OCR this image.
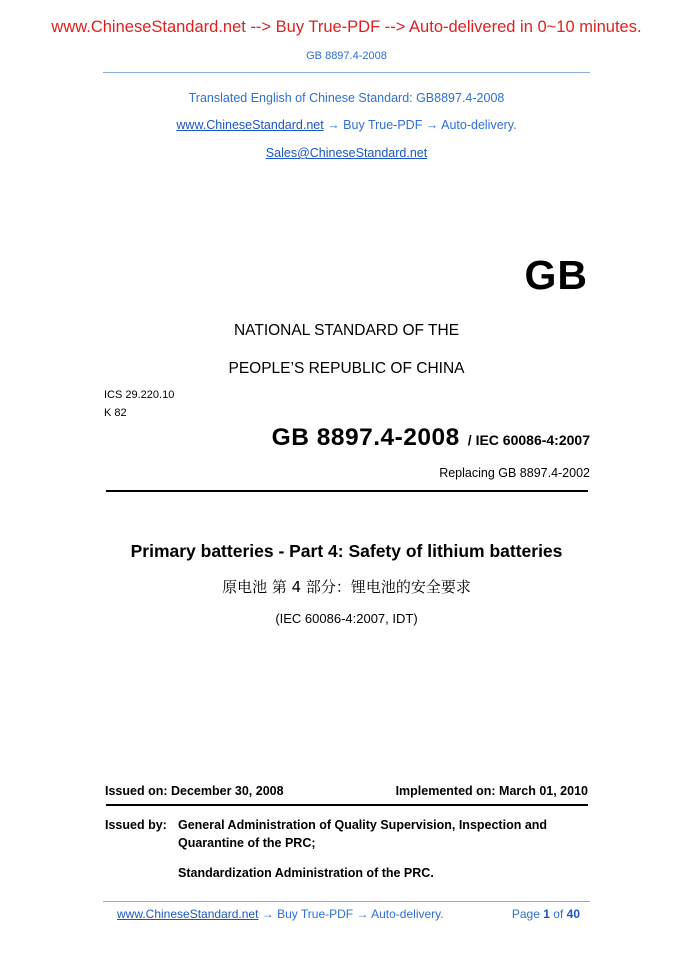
www.ChineseStandard.net --> Buy True-PDF --> Auto-delivered in 0~10 minutes.
GB 8897.4-2008
Translated English of Chinese Standard: GB8897.4-2008
www.ChineseStandard.net → Buy True-PDF → Auto-delivery.
Sales@ChineseStandard.net
GB
NATIONAL STANDARD OF THE
PEOPLE’S REPUBLIC OF CHINA
ICS 29.220.10
K 82
GB 8897.4-2008 / IEC 60086-4:2007
Replacing GB 8897.4-2002
Primary batteries - Part 4: Safety of lithium batteries
原电池 第 4 部分：锂电池的安全要求
(IEC 60086-4:2007, IDT)
Issued on: December 30, 2008	Implemented on: March 01, 2010
Issued by: General Administration of Quality Supervision, Inspection and
Quarantine of the PRC;
Standardization Administration of the PRC.
www.ChineseStandard.net → Buy True-PDF → Auto-delivery.	Page 1 of 40
